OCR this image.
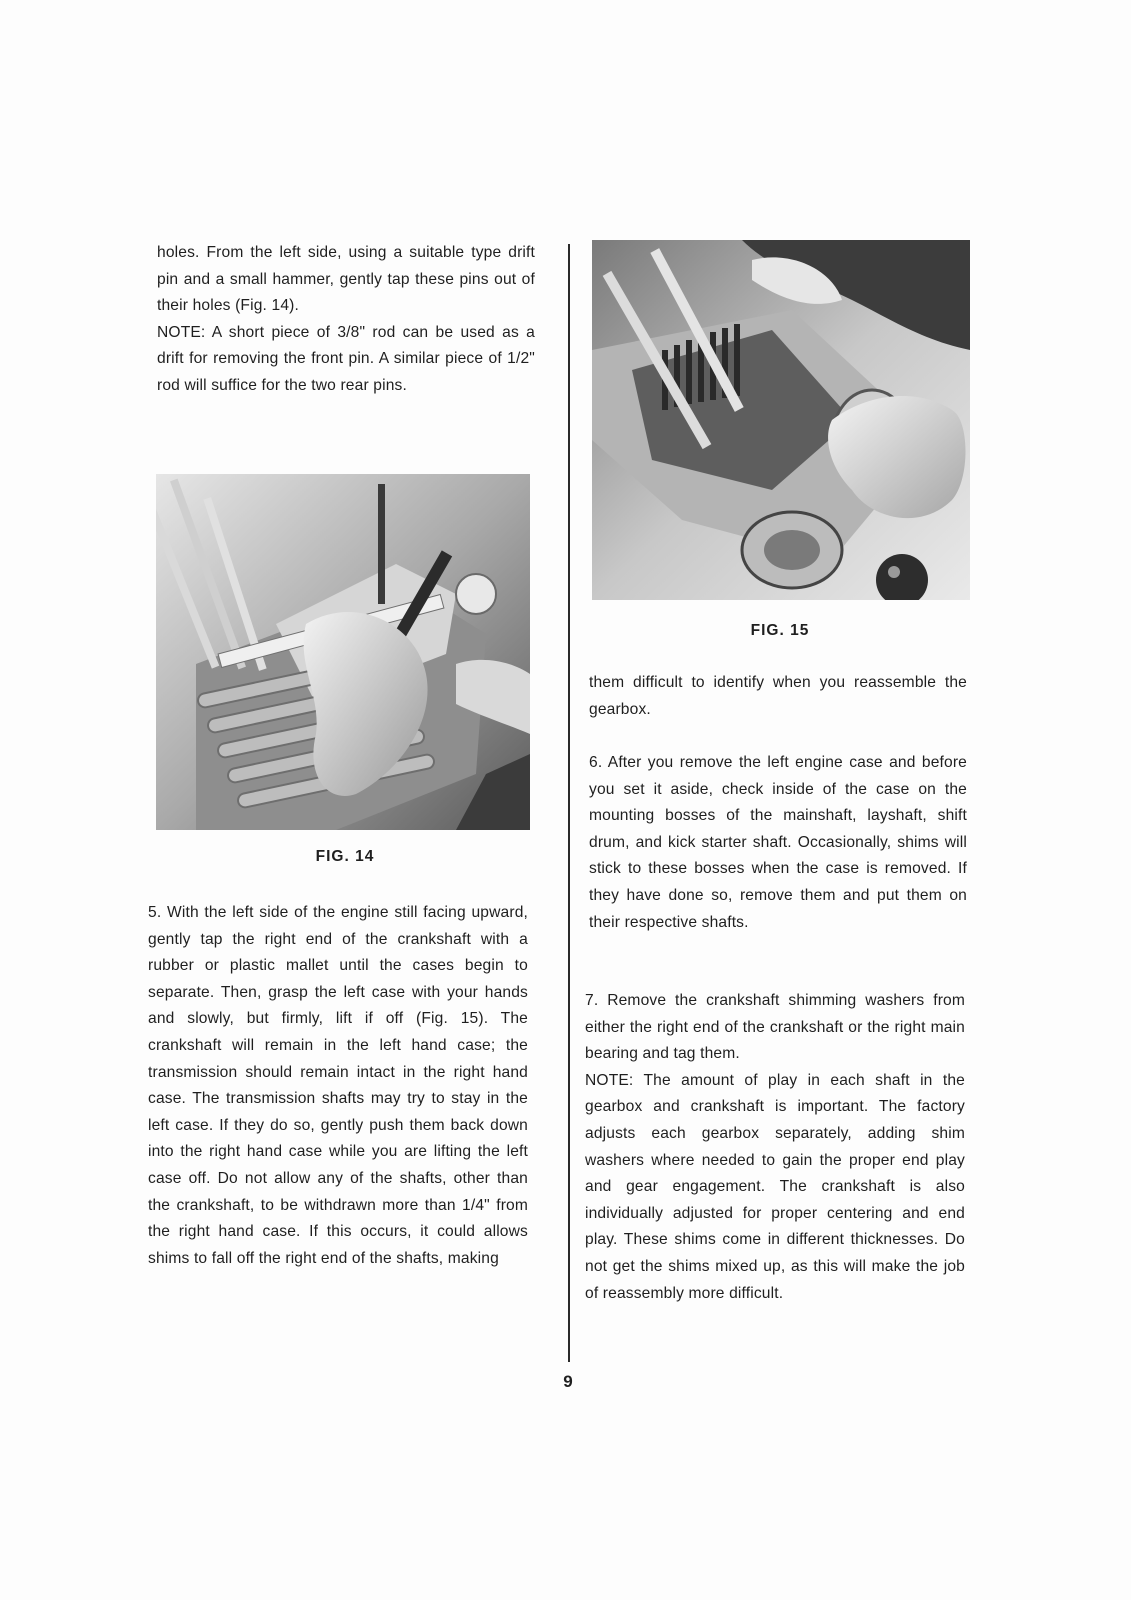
holes. From the left side, using a suitable type drift pin and a small hammer, gently tap these pins out of their holes (Fig. 14).

NOTE: A short piece of 3/8" rod can be used as a drift for removing the front pin. A similar piece of 1/2" rod will suffice for the two rear pins.

FIG. 14

5. With the left side of the engine still facing upward, gently tap the right end of the crankshaft with a rubber or plastic mallet until the cases begin to separate. Then, grasp the left case with your hands and slowly, but firmly, lift if off (Fig. 15). The crankshaft will remain in the left hand case; the transmission should remain intact in the right hand case. The transmission shafts may try to stay in the left case. If they do so, gently push them back down into the right hand case while you are lifting the left case off. Do not allow any of the shafts, other than the crankshaft, to be withdrawn more than 1/4" from the right hand case. If this occurs, it could allows shims to fall off the right end of the shafts, making

FIG. 15

them difficult to identify when you reassemble the gearbox.

6. After you remove the left engine case and before you set it aside, check inside of the case on the mounting bosses of the mainshaft, layshaft, shift drum, and kick starter shaft. Occasionally, shims will stick to these bosses when the case is removed. If they have done so, remove them and put them on their respective shafts.

7. Remove the crankshaft shimming washers from either the right end of the crankshaft or the right main bearing and tag them.

NOTE: The amount of play in each shaft in the gearbox and crankshaft is important. The factory adjusts each gearbox separately, adding shim washers where needed to gain the proper end play and gear engagement. The crankshaft is also individually adjusted for proper centering and end play. These shims come in different thicknesses. Do not get the shims mixed up, as this will make the job of reassembly more difficult.

9
